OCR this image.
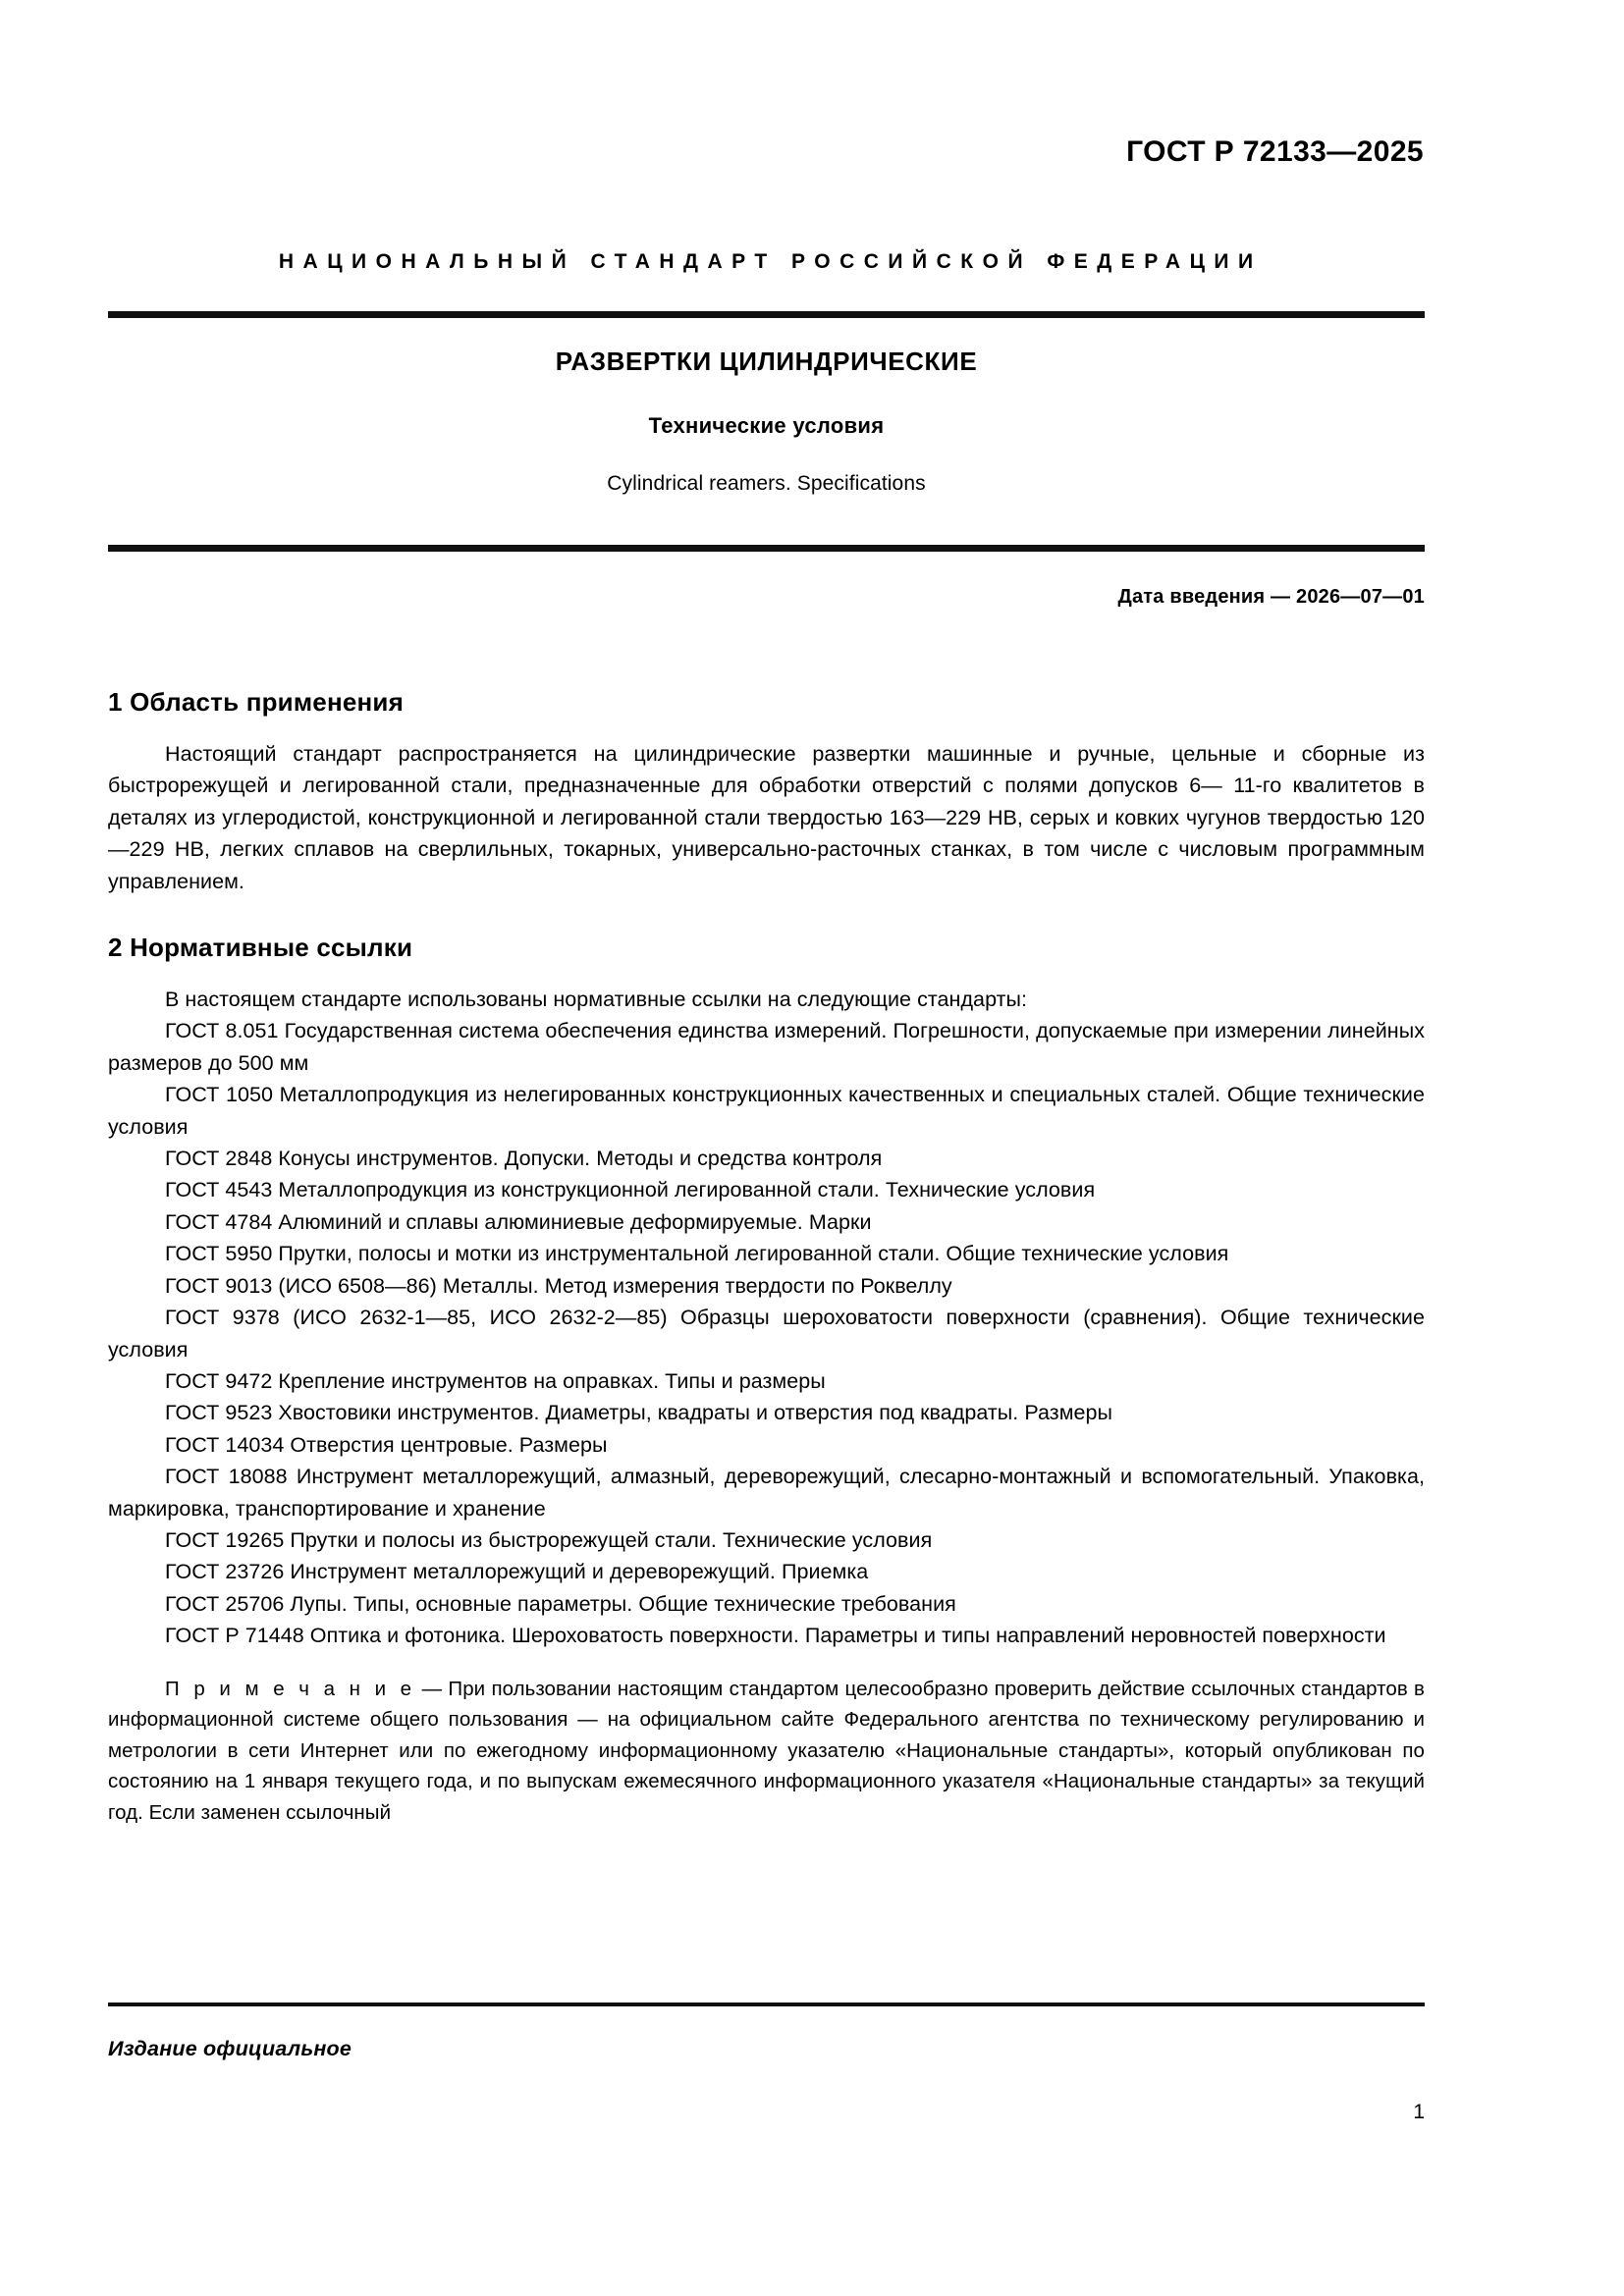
ГОСТ Р 72133—2025
НАЦИОНАЛЬНЫЙ СТАНДАРТ РОССИЙСКОЙ ФЕДЕРАЦИИ
РАЗВЕРТКИ ЦИЛИНДРИЧЕСКИЕ
Технические условия
Cylindrical reamers. Specifications
Дата введения — 2026—07—01
1 Область применения

Настоящий стандарт распространяется на цилиндрические развертки машинные и ручные, цельные и сборные из быстрорежущей и легированной стали, предназначенные для обработки отверстий с полями допусков 6— 11-го квалитетов в деталях из углеродистой, конструкционной и легированной стали твердостью 163—229 HB, серых и ковких чугунов твердостью 120—229 HB, легких сплавов на сверлильных, токарных, универсально-расточных станках, в том числе с числовым программным управлением.

2 Нормативные ссылки

В настоящем стандарте использованы нормативные ссылки на следующие стандарты:

ГОСТ 8.051 Государственная система обеспечения единства измерений. Погрешности, допускаемые при измерении линейных размеров до 500 мм

ГОСТ 1050 Металлопродукция из нелегированных конструкционных качественных и специальных сталей. Общие технические условия

ГОСТ 2848 Конусы инструментов. Допуски. Методы и средства контроля

ГОСТ 4543 Металлопродукция из конструкционной легированной стали. Технические условия

ГОСТ 4784 Алюминий и сплавы алюминиевые деформируемые. Марки

ГОСТ 5950 Прутки, полосы и мотки из инструментальной легированной стали. Общие технические условия

ГОСТ 9013 (ИСО 6508—86) Металлы. Метод измерения твердости по Роквеллу

ГОСТ 9378 (ИСО 2632-1—85, ИСО 2632-2—85) Образцы шероховатости поверхности (сравнения). Общие технические условия

ГОСТ 9472 Крепление инструментов на оправках. Типы и размеры

ГОСТ 9523 Хвостовики инструментов. Диаметры, квадраты и отверстия под квадраты. Размеры

ГОСТ 14034 Отверстия центровые. Размеры

ГОСТ 18088 Инструмент металлорежущий, алмазный, дереворежущий, слесарно-монтажный и вспомогательный. Упаковка, маркировка, транспортирование и хранение

ГОСТ 19265 Прутки и полосы из быстрорежущей стали. Технические условия

ГОСТ 23726 Инструмент металлорежущий и дереворежущий. Приемка

ГОСТ 25706 Лупы. Типы, основные параметры. Общие технические требования

ГОСТ Р 71448 Оптика и фотоника. Шероховатость поверхности. Параметры и типы направлений неровностей поверхности

П р и м е ч а н и е — При пользовании настоящим стандартом целесообразно проверить действие ссылочных стандартов в информационной системе общего пользования — на официальном сайте Федерального агентства по техническому регулированию и метрологии в сети Интернет или по ежегодному информационному указателю «Национальные стандарты», который опубликован по состоянию на 1 января текущего года, и по выпускам ежемесячного информационного указателя «Национальные стандарты» за текущий год. Если заменен ссылочный

Издание официальное
1
